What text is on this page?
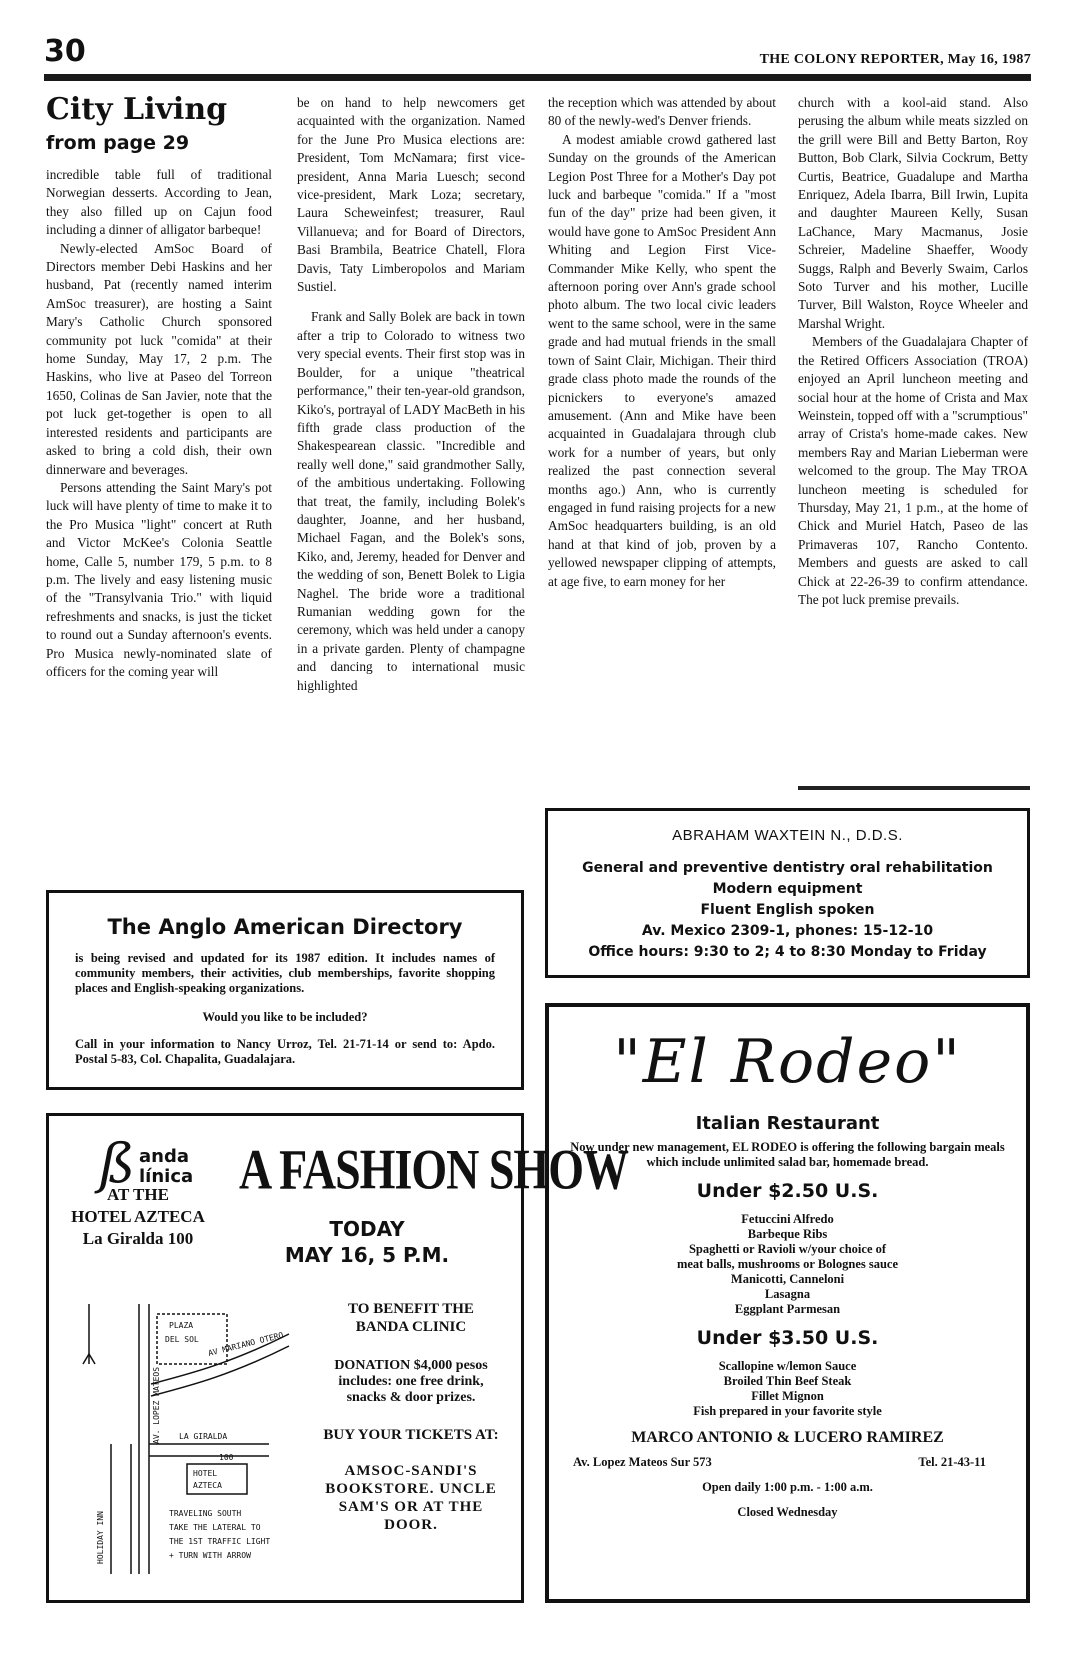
30	THE COLONY REPORTER, May 16, 1987
City Living
from page 29

incredible table full of traditional Norwegian desserts. According to Jean, they also filled up on Cajun food including a dinner of alligator barbeque!

Newly-elected AmSoc Board of Directors member Debi Haskins and her husband, Pat (recently named interim AmSoc treasurer), are hosting a Saint Mary's Catholic Church sponsored community pot luck "comida" at their home Sunday, May 17, 2 p.m. The Haskins, who live at Paseo del Torreon 1650, Colinas de San Javier, note that the pot luck get-together is open to all interested residents and participants are asked to bring a cold dish, their own dinnerware and beverages.

Persons attending the Saint Mary's pot luck will have plenty of time to make it to the Pro Musica "light" concert at Ruth and Victor McKee's Colonia Seattle home, Calle 5, number 179, 5 p.m. to 8 p.m. The lively and easy listening music of the "Transylvania Trio." with liquid refreshments and snacks, is just the ticket to round out a Sunday afternoon's events. Pro Musica newly-nominated slate of officers for the coming year will

be on hand to help newcomers get acquainted with the organization. Named for the June Pro Musica elections are: President, Tom McNamara; first vice-president, Anna Maria Luesch; second vice-president, Mark Loza; secretary, Laura Scheweinfest; treasurer, Raul Villanueva; and for Board of Directors, Basi Brambila, Beatrice Chatell, Flora Davis, Taty Limberopolos and Mariam Sustiel.

Frank and Sally Bolek are back in town after a trip to Colorado to witness two very special events. Their first stop was in Boulder, for a unique "theatrical performance," their ten-year-old grandson, Kiko's, portrayal of LADY MacBeth in his fifth grade class production of the Shakespearean classic. "Incredible and really well done," said grandmother Sally, of the ambitious undertaking. Following that treat, the family, including Bolek's daughter, Joanne, and her husband, Michael Fagan, and the Bolek's sons, Kiko, and, Jeremy, headed for Denver and the wedding of son, Benett Bolek to Ligia Naghel. The bride wore a traditional Rumanian wedding gown for the ceremony, which was held under a canopy in a private garden. Plenty of champagne and dancing to international music highlighted

the reception which was attended by about 80 of the newly-wed's Denver friends.

A modest amiable crowd gathered last Sunday on the grounds of the American Legion Post Three for a Mother's Day pot luck and barbeque "comida." If a "most fun of the day" prize had been given, it would have gone to AmSoc President Ann Whiting and Legion First Vice-Commander Mike Kelly, who spent the afternoon poring over Ann's grade school photo album. The two local civic leaders went to the same school, were in the same grade and had mutual friends in the small town of Saint Clair, Michigan. Their third grade class photo made the rounds of the picnickers to everyone's amazed amusement. (Ann and Mike have been acquainted in Guadalajara through club work for a number of years, but only realized the past connection several months ago.) Ann, who is currently engaged in fund raising projects for a new AmSoc headquarters building, is an old hand at that kind of job, proven by a yellowed newspaper clipping of attempts, at age five, to earn money for her

church with a kool-aid stand. Also perusing the album while meats sizzled on the grill were Bill and Betty Barton, Roy Button, Bob Clark, Silvia Cockrum, Betty Curtis, Beatrice, Guadalupe and Martha Enriquez, Adela Ibarra, Bill Irwin, Lupita and daughter Maureen Kelly, Susan LaChance, Mary Macmanus, Josie Schreier, Madeline Shaeffer, Woody Suggs, Ralph and Beverly Swaim, Carlos Soto Turver and his mother, Lucille Turver, Bill Walston, Royce Wheeler and Marshal Wright.

Members of the Guadalajara Chapter of the Retired Officers Association (TROA) enjoyed an April luncheon meeting and social hour at the home of Crista and Max Weinstein, topped off with a "scrumptious" array of Crista's home-made cakes. New members Ray and Marian Lieberman were welcomed to the group. The May TROA luncheon meeting is scheduled for Thursday, May 21, 1 p.m., at the home of Chick and Muriel Hatch, Paseo de las Primaveras 107, Rancho Contento. Members and guests are asked to call Chick at 22-26-39 to confirm attendance. The pot luck premise prevails.

ABRAHAM WAXTEIN N., D.D.S.
General and preventive dentistry oral rehabilitation
Modern equipment
Fluent English spoken
Av. Mexico 2309-1, phones: 15-12-10
Office hours: 9:30 to 2; 4 to 8:30 Monday to Friday
The Anglo American Directory
is being revised and updated for its 1987 edition. It includes names of community members, their activities, club memberships, favorite shopping places and English-speaking organizations.
Would you like to be included?
Call in your information to Nancy Urroz, Tel. 21-71-14 or send to: Apdo. Postal 5-83, Col. Chapalita, Guadalajara.	"El Rodeo"
Italian Restaurant
Now under new management, EL RODEO is offering the following bargain meals which include unlimited salad bar, homemade bread.
Under $2.50 U.S.
Fetuccini Alfredo
Barbeque Ribs
Spaghetti or Ravioli w/your choice of
meat balls, mushrooms or Bolognes sauce
Manicotti, Canneloni
Lasagna
Eggplant Parmesan
Under $3.50 U.S.
Scallopine w/lemon Sauce
Broiled Thin Beef Steak
Fillet Mignon
Fish prepared in your favorite style
MARCO ANTONIO & LUCERO RAMIREZ
Av. Lopez Mateos Sur 573	Tel. 21-43-11
Open daily 1:00 p.m. - 1:00 a.m.
Closed Wednesday
ß anda
línica
AT THE
HOTEL AZTECA
La Giralda 100
A FASHION SHOW
TODAY
MAY 16, 5 P.M.
PLAZA
DEL SOL AV MARIANO OTERO
AV. LOPEZ MATEOS LA GIRALDA
100
HOTEL
AZTECA
HOLIDAY INN	TRAVELING SOUTH
TAKE THE LATERAL TO
THE 1ST TRAFFIC LIGHT
+ TURN WITH ARROW
TO BENEFIT THE BANDA CLINIC
DONATION $4,000 pesos includes: one free drink, snacks & door prizes.
BUY YOUR TICKETS AT:
AMSOC-SANDI'S BOOKSTORE. UNCLE SAM'S OR AT THE DOOR.
